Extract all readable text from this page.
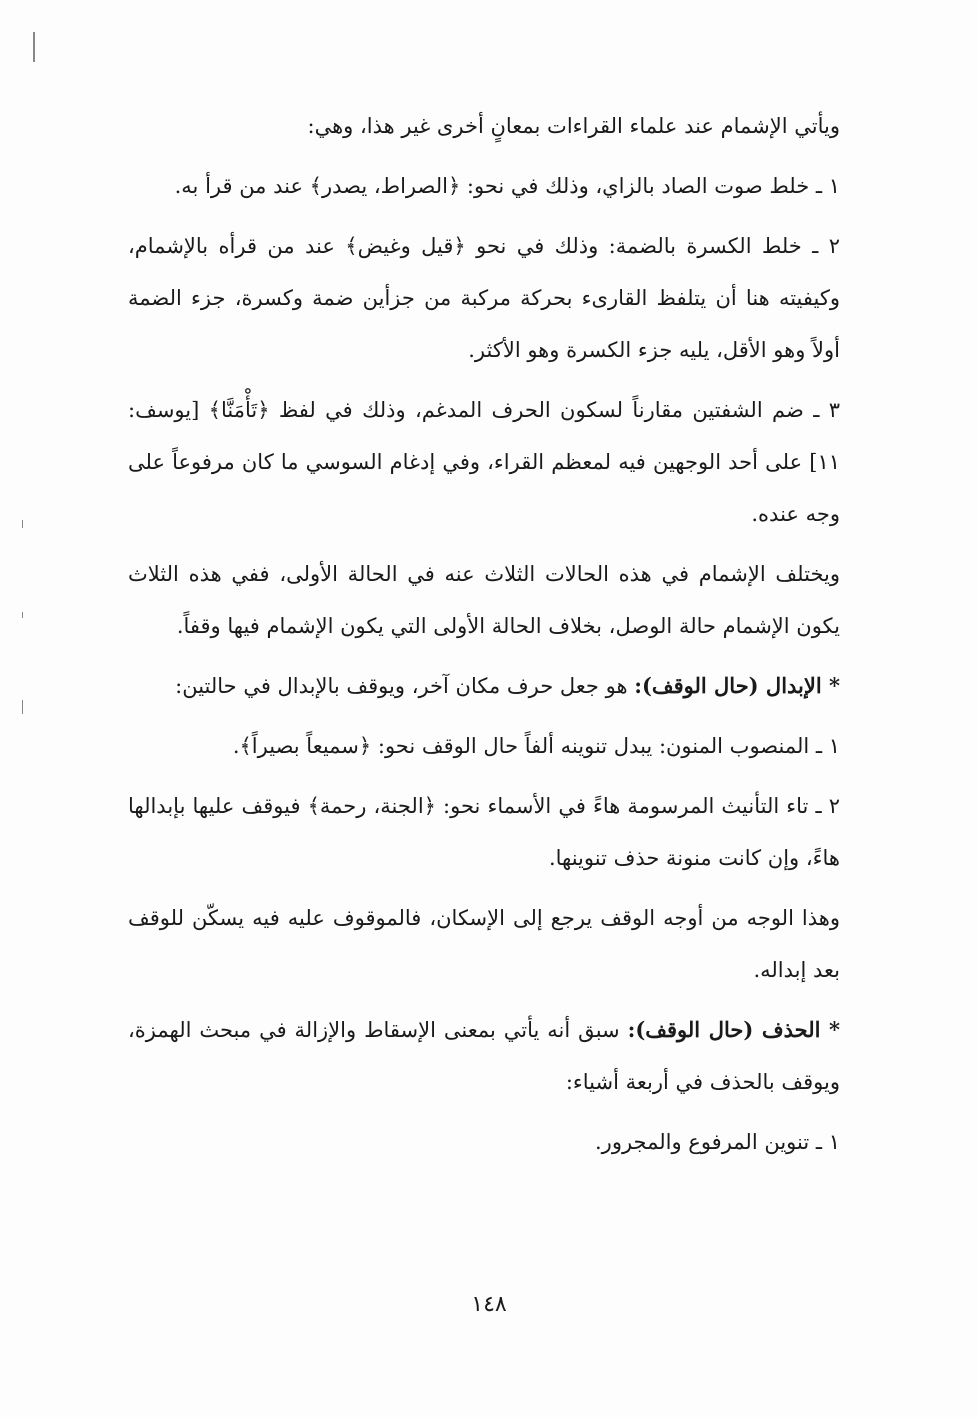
ويأتي الإشمام عند علماء القراءات بمعانٍ أخرى غير هذا، وهي:

١ ـ خلط صوت الصاد بالزاي، وذلك في نحو: ﴿الصراط، يصدر﴾ عند من قرأ به.

٢ ـ خلط الكسرة بالضمة: وذلك في نحو ﴿قيل وغيض﴾ عند من قرأه بالإشمام، وكيفيته هنا أن يتلفظ القارىء بحركة مركبة من جزأين ضمة وكسرة، جزء الضمة أولاً وهو الأقل، يليه جزء الكسرة وهو الأكثر.

٣ ـ ضم الشفتين مقارناً لسكون الحرف المدغم، وذلك في لفظ ﴿تَأْمَنَّا﴾ [يوسف: ١١] على أحد الوجهين فيه لمعظم القراء، وفي إدغام السوسي ما كان مرفوعاً على وجه عنده.

ويختلف الإشمام في هذه الحالات الثلاث عنه في الحالة الأولى، ففي هذه الثلاث يكون الإشمام حالة الوصل، بخلاف الحالة الأولى التي يكون الإشمام فيها وقفاً.

* الإبدال (حال الوقف): هو جعل حرف مكان آخر، ويوقف بالإبدال في حالتين:

١ ـ المنصوب المنون: يبدل تنوينه ألفاً حال الوقف نحو: ﴿سميعاً بصيراً﴾.

٢ ـ تاء التأنيث المرسومة هاءً في الأسماء نحو: ﴿الجنة، رحمة﴾ فيوقف عليها بإبدالها هاءً، وإن كانت منونة حذف تنوينها.

وهذا الوجه من أوجه الوقف يرجع إلى الإسكان، فالموقوف عليه فيه يسكّن للوقف بعد إبداله.

* الحذف (حال الوقف): سبق أنه يأتي بمعنى الإسقاط والإزالة في مبحث الهمزة، ويوقف بالحذف في أربعة أشياء:

١ ـ تنوين المرفوع والمجرور.

١٤٨
